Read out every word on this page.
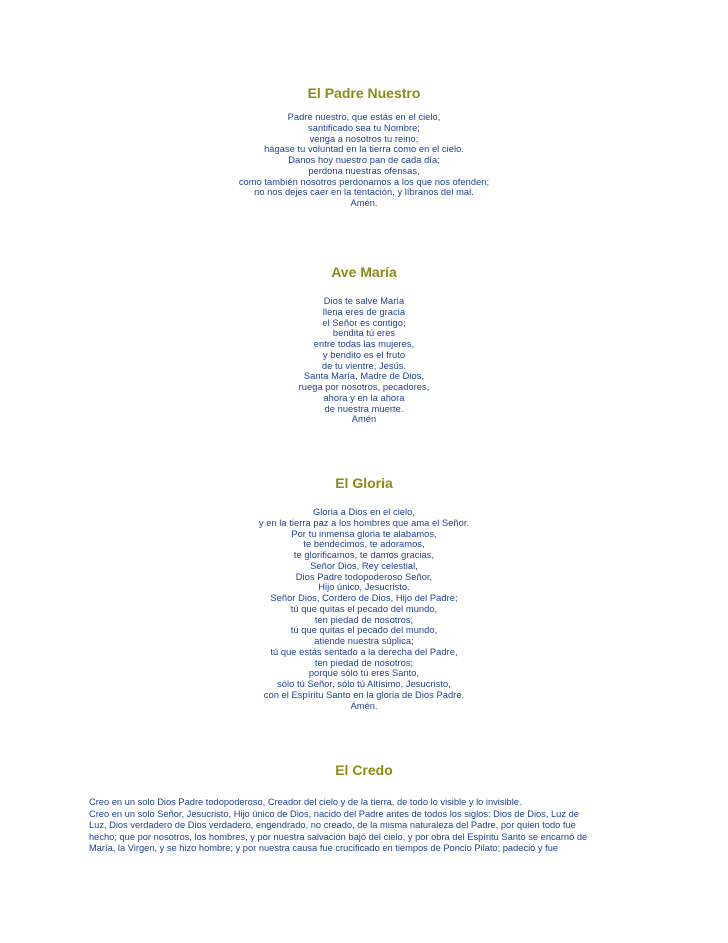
El Padre Nuestro
Padre nuestro, que estás en el cielo,
santificado sea tu Nombre;
venga a nosotros tu reino;
hágase tu voluntad en la tierra como en el cielo.
Danos hoy nuestro pan de cada día;
perdona nuestras ofensas,
como también nosotros perdonamos a los que nos ofenden;
no nos dejes caer en la tentación, y líbranos del mal.
Amén.
Ave María
Dios te salve María
llena eres de gracia
el Señor es contigo;
bendita tú eres
entre todas las mujeres,
y bendito es el fruto
de tu vientre, Jesús.
Santa María, Madre de Dios,
ruega por nosotros, pecadores,
ahora y en la ahora
de nuestra muerte.
Amén
El Gloria
Gloria a Dios en el cielo,
y en la tierra paz a los hombres que ama el Señor.
Por tu inmensa gloria te alabamos,
te bendecimos, te adoramos,
te glorificamos, te damos gracias,
Señor Dios, Rey celestial,
Dios Padre todopoderoso Señor,
Hijo único, Jesucristo.
Señor Dios, Cordero de Dios, Hijo del Padre;
tú que quitas el pecado del mundo,
ten piedad de nosotros;
tú que quitas el pecado del mundo,
atiende nuestra súplica;
tú que estás sentado a la derecha del Padre,
ten piedad de nosotros;
porque sólo tú eres Santo,
sólo tú Señor, sólo tú Altísimo, Jesucristo,
con el Espíritu Santo en la gloria de Dios Padre.
Amén.
El Credo
Creo en un solo Dios Padre todopoderoso, Creador del cielo y de la tierra, de todo lo visible y lo invisible.
Creo en un solo Señor, Jesucristo, Hijo único de Dios, nacido del Padre antes de todos los siglos: Dios de Dios, Luz de
Luz, Dios verdadero de Dios verdadero, engendrado, no creado, de la misma naturaleza del Padre, por quien todo fue
hecho; que por nosotros, los hombres, y por nuestra salvación bajó del cielo, y por obra del Espíritu Santo se encarnó de
María, la Virgen, y se hizo hombre; y por nuestra causa fue crucificado en tiempos de Poncio Pilato; padeció y fue
